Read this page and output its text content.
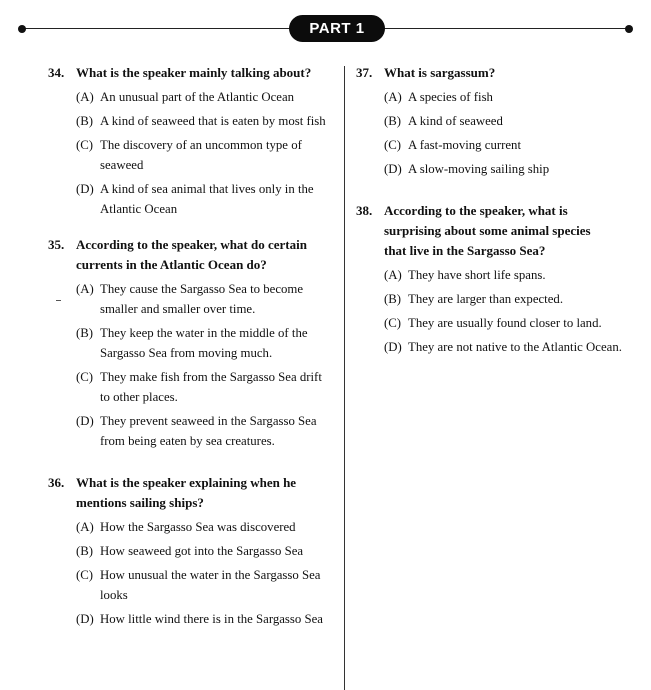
PART 1
34. What is the speaker mainly talking about?
(A) An unusual part of the Atlantic Ocean
(B) A kind of seaweed that is eaten by most fish
(C) The discovery of an uncommon type of seaweed
(D) A kind of sea animal that lives only in the Atlantic Ocean
35. According to the speaker, what do certain currents in the Atlantic Ocean do?
(A) They cause the Sargasso Sea to become smaller and smaller over time.
(B) They keep the water in the middle of the Sargasso Sea from moving much.
(C) They make fish from the Sargasso Sea drift to other places.
(D) They prevent seaweed in the Sargasso Sea from being eaten by sea creatures.
36. What is the speaker explaining when he mentions sailing ships?
(A) How the Sargasso Sea was discovered
(B) How seaweed got into the Sargasso Sea
(C) How unusual the water in the Sargasso Sea looks
(D) How little wind there is in the Sargasso Sea
37. What is sargassum?
(A) A species of fish
(B) A kind of seaweed
(C) A fast-moving current
(D) A slow-moving sailing ship
38. According to the speaker, what is surprising about some animal species that live in the Sargasso Sea?
(A) They have short life spans.
(B) They are larger than expected.
(C) They are usually found closer to land.
(D) They are not native to the Atlantic Ocean.
